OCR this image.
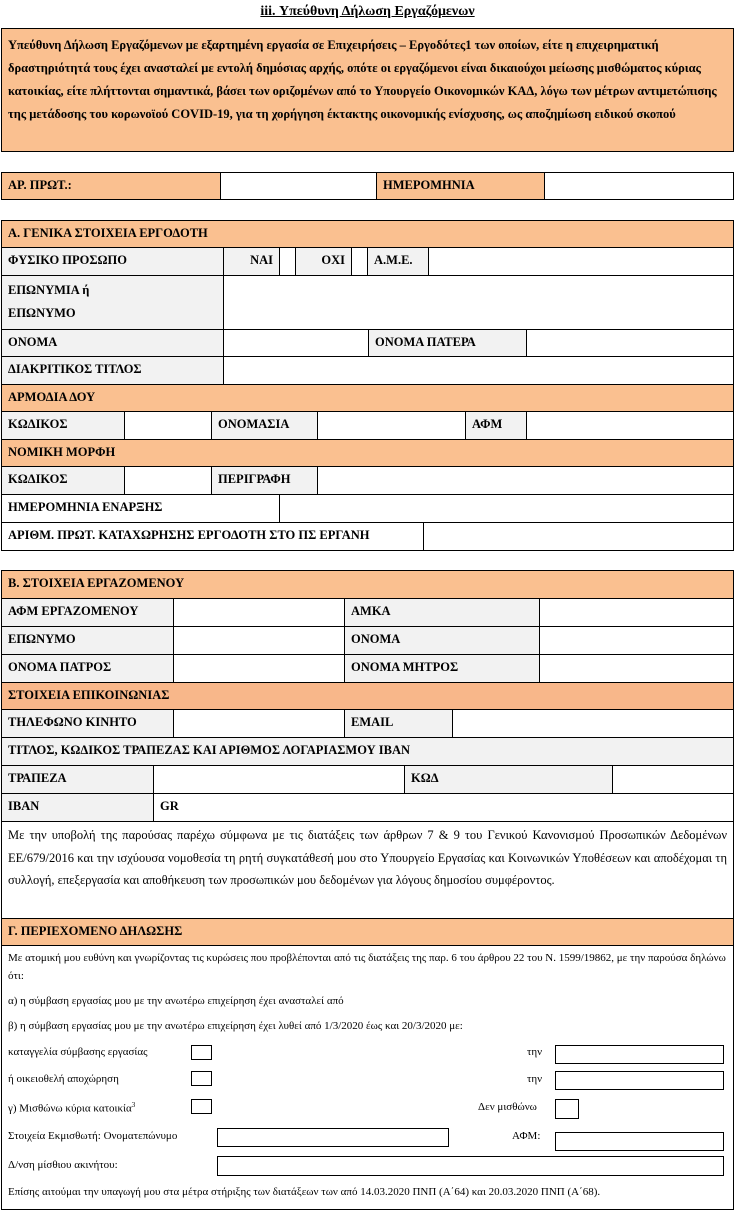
iii. Υπεύθυνη Δήλωση Εργαζόμενων
Υπεύθυνη Δήλωση Εργαζόμενων με εξαρτημένη εργασία σε Επιχειρήσεις – Εργοδότες1 των οποίων, είτε η επιχειρηματική δραστηριότητά τους έχει ανασταλεί με εντολή δημόσιας αρχής, οπότε οι εργαζόμενοι είναι δικαιούχοι μείωσης μισθώματος κύριας κατοικίας, είτε πλήττονται σημαντικά, βάσει των οριζομένων από το Υπουργείο Οικονομικών ΚΑΔ, λόγω των μέτρων αντιμετώπισης της μετάδοσης του κορωνοϊού COVID-19, για τη χορήγηση έκτακτης οικονομικής ενίσχυσης, ως αποζημίωση ειδικού σκοπού
ΑΡ. ΠΡΩΤ.:	ΗΜΕΡΟΜΗΝΙΑ
Α. ΓΕΝΙΚΑ ΣΤΟΙΧΕΙΑ ΕΡΓΟΔΟΤΗ
ΦΥΣΙΚΟ ΠΡΟΣΩΠΟ	ΝΑΙ	ΟΧΙ	Α.Μ.Ε.
ΕΠΩΝΥΜΙΑ ή
ΕΠΩΝΥΜΟ
ΟΝΟΜΑ	ΟΝΟΜΑ ΠΑΤΕΡΑ
ΔΙΑΚΡΙΤΙΚΟΣ ΤΙΤΛΟΣ
ΑΡΜΟΔΙΑ ΔΟΥ
ΚΩΔΙΚΟΣ	ΟΝΟΜΑΣΙΑ	ΑΦΜ
ΝΟΜΙΚΗ ΜΟΡΦΗ
ΚΩΔΙΚΟΣ	ΠΕΡΙΓΡΑΦΗ
ΗΜΕΡΟΜΗΝΙΑ ΕΝΑΡΞΗΣ
ΑΡΙΘΜ. ΠΡΩΤ. ΚΑΤΑΧΩΡΗΣΗΣ ΕΡΓΟΔΟΤΗ ΣΤΟ ΠΣ ΕΡΓΑΝΗ
Β. ΣΤΟΙΧΕΙΑ ΕΡΓΑΖΟΜΕΝΟΥ
ΑΦΜ ΕΡΓΑΖΟΜΕΝΟΥ	ΑΜΚΑ
ΕΠΩΝΥΜΟ	ΟΝΟΜΑ
ΟΝΟΜΑ ΠΑΤΡΟΣ	ΟΝΟΜΑ ΜΗΤΡΟΣ
ΣΤΟΙΧΕΙΑ ΕΠΙΚΟΙΝΩΝΙΑΣ
ΤΗΛΕΦΩΝΟ ΚΙΝΗΤΟ	EMAIL
ΤΙΤΛΟΣ, ΚΩΔΙΚΟΣ ΤΡΑΠΕΖΑΣ ΚΑΙ ΑΡΙΘΜΟΣ ΛΟΓΑΡΙΑΣΜΟΥ IBAN
ΤΡΑΠΕΖΑ	ΚΩΔ
IBAN	GR
Με την υποβολή της παρούσας παρέχω σύμφωνα με τις διατάξεις των άρθρων 7 & 9 του Γενικού Κανονισμού Προσωπικών Δεδομένων ΕΕ/679/2016 και την ισχύουσα νομοθεσία τη ρητή συγκατάθεσή μου στο Υπουργείο Εργασίας και Κοινωνικών Υποθέσεων και αποδέχομαι τη συλλογή, επεξεργασία και αποθήκευση των προσωπικών μου δεδομένων για λόγους δημοσίου συμφέροντος.
Γ. ΠΕΡΙΕΧΟΜΕΝΟ ΔΗΛΩΣΗΣ
Με ατομική μου ευθύνη και γνωρίζοντας τις κυρώσεις που προβλέπονται από τις διατάξεις της παρ. 6 του άρθρου 22 του Ν. 1599/19862, με την παρούσα δηλώνω ότι:
α) η σύμβαση εργασίας μου με την ανωτέρω επιχείρηση έχει ανασταλεί από
β) η σύμβαση εργασίας μου με την ανωτέρω επιχείρηση έχει λυθεί από 1/3/2020 έως και 20/3/2020 με:
καταγγελία σύμβασης εργασίας	την
ή οικειοθελή αποχώρηση	την
γ) Μισθώνω κύρια κατοικία$^3$	Δεν μισθώνω
Στοιχεία Εκμισθωτή: Ονοματεπώνυμο	ΑΦΜ:
Δ/νση μίσθιου ακινήτου:
Επίσης αιτούμαι την υπαγωγή μου στα μέτρα στήριξης των διατάξεων των από 14.03.2020 ΠΝΠ (Α΄64) και 20.03.2020 ΠΝΠ (Α΄68).
